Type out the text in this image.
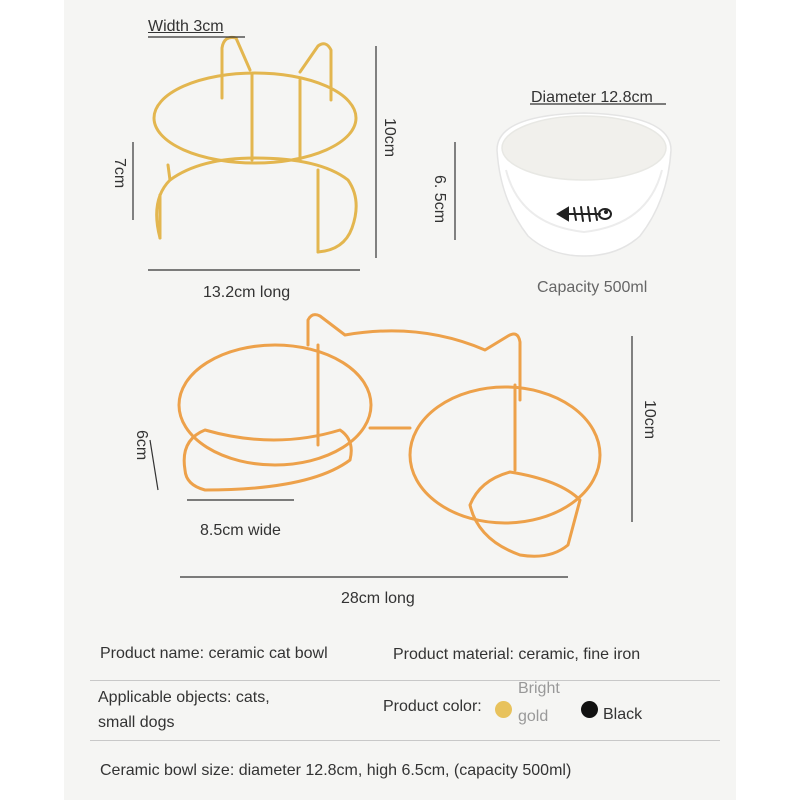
Width 3cm
10cm
7cm
13.2cm long
Diameter 12.8cm
6. 5cm
Capacity 500ml
6cm
10cm
8.5cm wide
28cm long
Product name: ceramic cat bowl	Product material: ceramic, fine iron
Applicable objects: cats,
small dogs
Product color:
Bright
gold	Black
Ceramic bowl size: diameter 12.8cm, high 6.5cm, (capacity 500ml)
